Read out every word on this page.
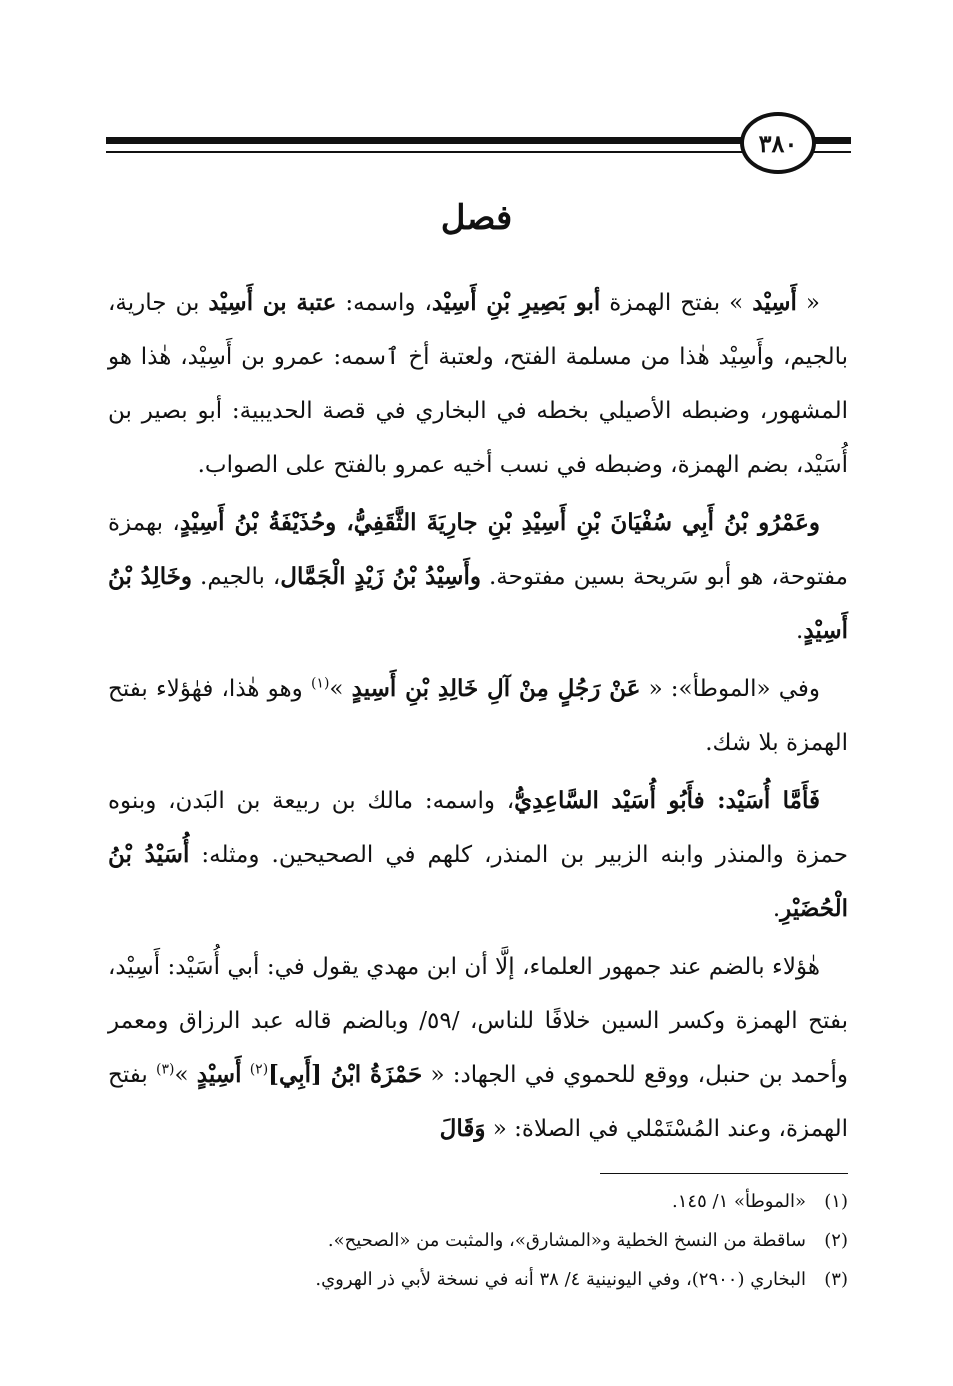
٣٨٠
فصل

« أَسِيْد » بفتح الهمزة أبو بَصِيرِ بْنِ أَسِيْد، واسمه: عتبة بن أَسِيْد بن جارية، بالجيم، وأَسِيْد هٰذا من مسلمة الفتح، ولعتبة أخ ٱسمه: عمرو بن أَسِيْد، هٰذا هو المشهور، وضبطه الأصيلي بخطه في البخاري في قصة الحديبية: أبو بصير بن أُسَيْد، بضم الهمزة، وضبطه في نسب أخيه عمرو بالفتح على الصواب.

وعَمْرُو بْنُ أَبِي سُفْيَانَ بْنِ أَسِيْدِ بْنِ جارِيَةَ الثَّقَفِيُّ، وحُذَيْفَةُ بْنُ أَسِيْدٍ، بهمزة مفتوحة، هو أبو سَريحة بسين مفتوحة. وأَسِيْدُ بْنُ زَيْدٍ الْجَمَّال، بالجيم. وخَالِدُ بْنُ أَسِيْدٍ.

وفي «الموطأ»: « عَنْ رَجُلٍ مِنْ آلِ خَالِدِ بْنِ أَسِيدٍ »$^{(١)}$ وهو هٰذا، فهٰؤلاء بفتح الهمزة بلا شك.

فَأَمَّا أُسَيْد: فأَبُو أُسَيْد السَّاعِدِيُّ، واسمه: مالك بن ربيعة بن البَدن، وبنوه حمزة والمنذر وابنه الزبير بن المنذر، كلهم في الصحيحين. ومثله: أُسَيْدُ بْنُ الْحُضَيْرِ.

هٰؤلاء بالضم عند جمهور العلماء، إلَّا أن ابن مهدي يقول في: أبي أُسَيْد: أَسِيْد، بفتح الهمزة وكسر السين خلافًا للناس، /٥٩/ وبالضم قاله عبد الرزاق ومعمر وأحمد بن حنبل، ووقع للحموي في الجهاد: « حَمْزَةُ ابْنُ [أَبِي]$^{(٢)}$ أَسِيْدٍ »$^{(٣)}$ بفتح الهمزة، وعند المُسْتَمْلي في الصلاة: « وَقَالَ

(١)«الموطأ» ١/ ١٤٥.
(٢)ساقطة من النسخ الخطية و«المشارق»، والمثبت من «الصحيح».
(٣)البخاري (٢٩٠٠)، وفي اليونينية ٤/ ٣٨ أنه في نسخة لأبي ذر الهروي.
